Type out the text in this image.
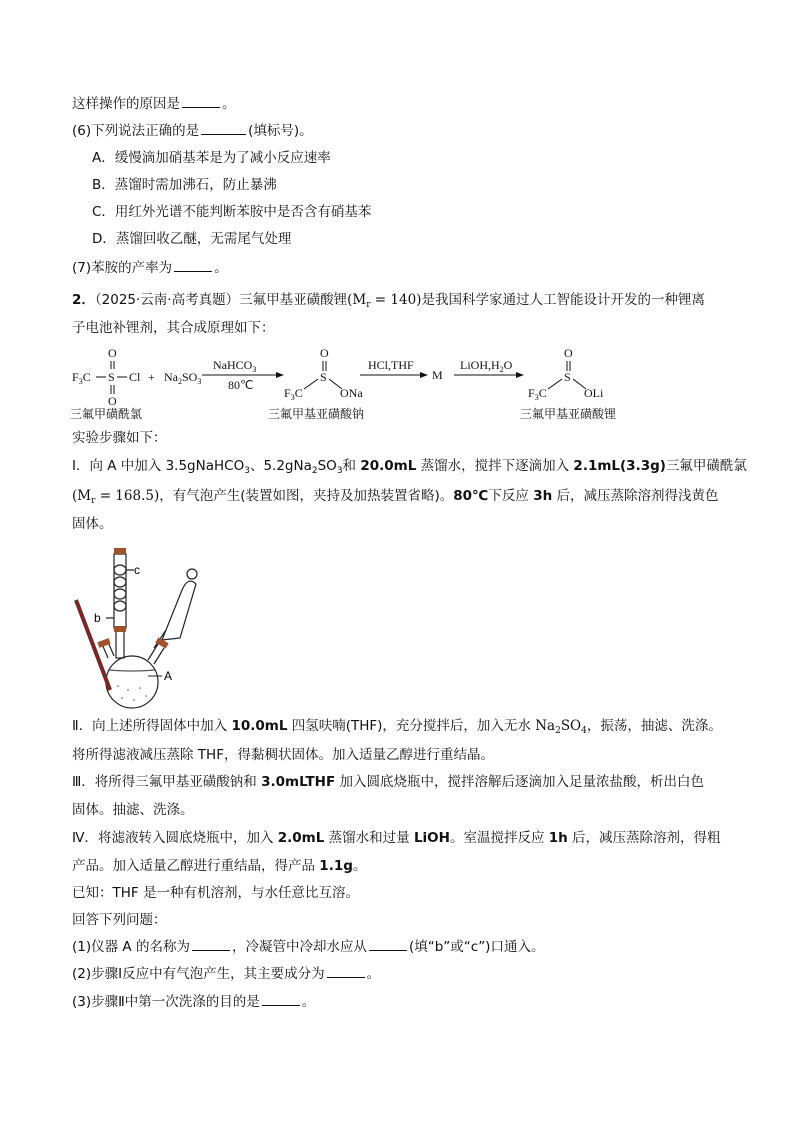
这样操作的原因是	。
(6)下列说法正确的是	(填标号)。
A．缓慢滴加硝基苯是为了减小反应速率
B．蒸馏时需加沸石，防止暴沸
C．用红外光谱不能判断苯胺中是否含有硝基苯
D．蒸馏回收乙醚，无需尾气处理
(7)苯胺的产率为	。
2．（2025·云南·高考真题）三氟甲基亚磺酸锂$(M_r = 140)$是我国科学家通过人工智能设计开发的一种锂离
子电池补锂剂，其合成原理如下：
$F_3C$ S Cl
O
O
+ $Na_2SO_3$
NaHCO$_3$
80℃
O
S
$F_3C$	ONa
HCl,THF
M
$LiOH,H_2O$
O
S
$F_3C$	OLi
三氟甲磺酰氯	三氟甲基亚磺酸钠	三氟甲基亚磺酸锂
实验步骤如下：
Ⅰ．向 A 中加入 3.5gNaHCO$_3$、$5.2gNa_2SO_3$和 20.0mL 蒸馏水，搅拌下逐滴加入 2.1mL(3.3g)三氟甲磺酰氯
$(M_r = 168.5)$，有气泡产生(装置如图，夹持及加热装置省略)。80℃下反应 3h 后，减压蒸除溶剂得浅黄色
固体。
c
b
A
Ⅱ．向上述所得固体中加入 10.0mL 四氢呋喃(THF)，充分搅拌后，加入无水 $Na_2SO_4$，振荡，抽滤、洗涤。
将所得滤液减压蒸除 THF，得黏稠状固体。加入适量乙醇进行重结晶。
Ⅲ．将所得三氟甲基亚磺酸钠和 3.0mLTHF 加入圆底烧瓶中，搅拌溶解后逐滴加入足量浓盐酸，析出白色
固体。抽滤、洗涤。
Ⅳ．将滤液转入圆底烧瓶中，加入 2.0mL 蒸馏水和过量 LiOH。室温搅拌反应 1h 后，减压蒸除溶剂，得粗
产品。加入适量乙醇进行重结晶，得产品 1.1g。
已知：THF 是一种有机溶剂，与水任意比互溶。
回答下列问题：
(1)仪器 A 的名称为	，冷凝管中冷却水应从	(填“b”或“c”)口通入。
(2)步骤Ⅰ反应中有气泡产生，其主要成分为	。
(3)步骤Ⅱ中第一次洗涤的目的是	。
